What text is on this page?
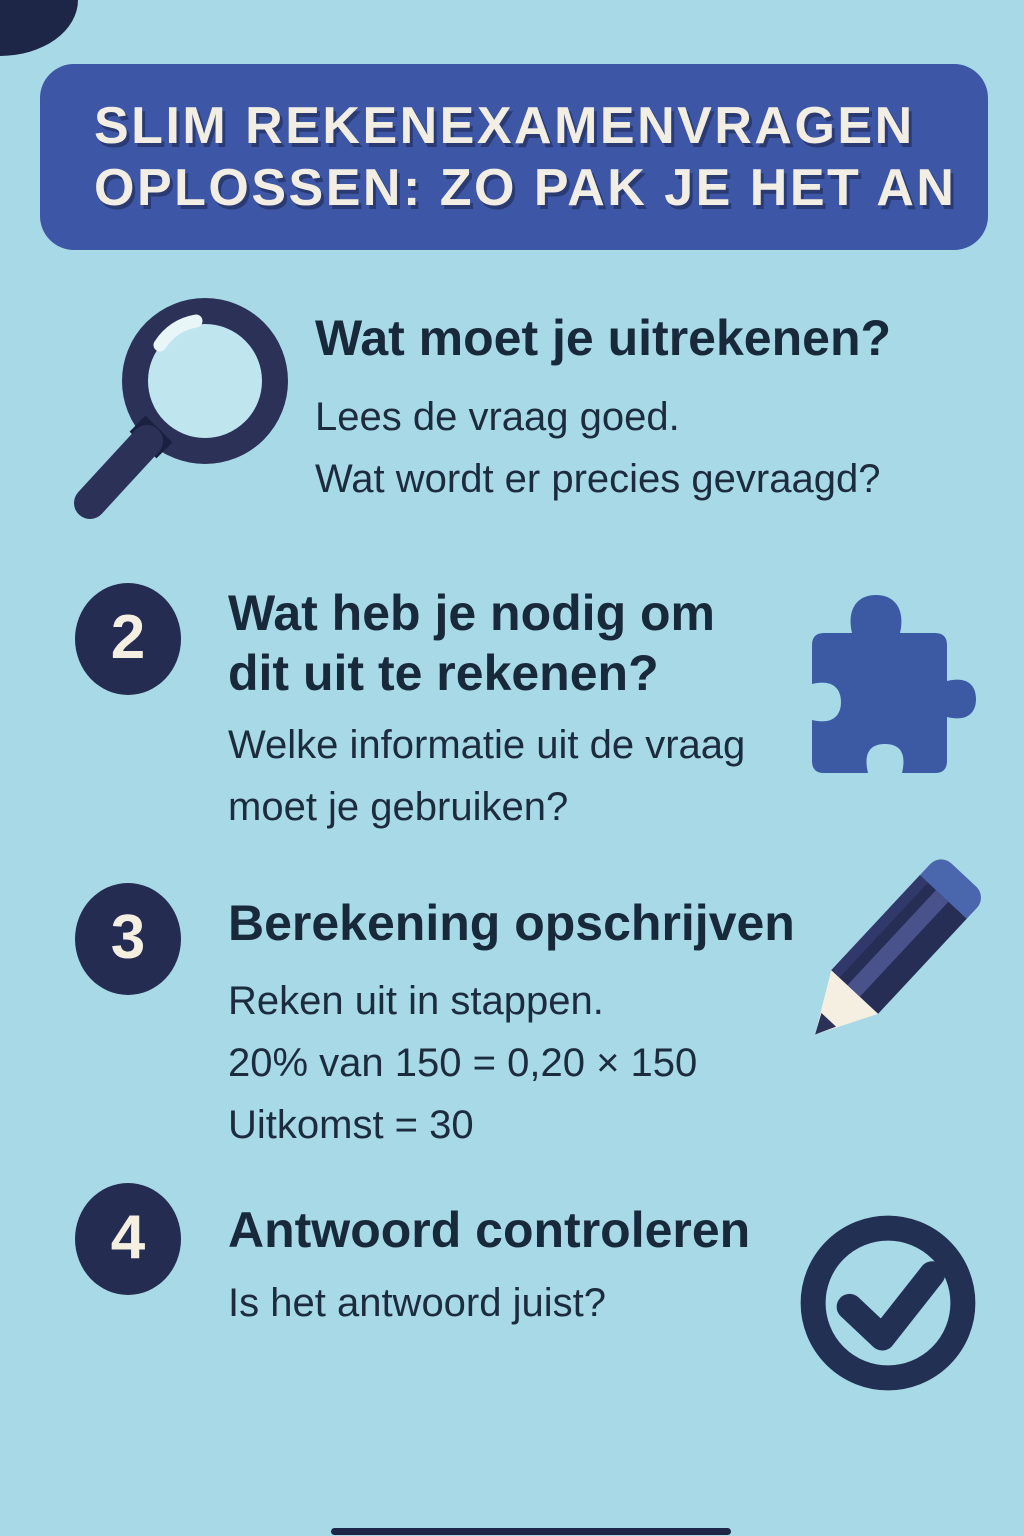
SLIM REKENEXAMENVRAGEN
OPLOSSEN: ZO PAK JE HET AN
Wat moet je uitrekenen?
Lees de vraag goed.
Wat wordt er precies gevraagd?
2 Wat heb je nodig om
dit uit te rekenen?
Welke informatie uit de vraag
moet je gebruiken?
3 Berekening opschrijven
Reken uit in stappen.
20% van 150 = 0,20 × 150
Uitkomst = 30
4 Antwoord controleren
Is het antwoord juist?
